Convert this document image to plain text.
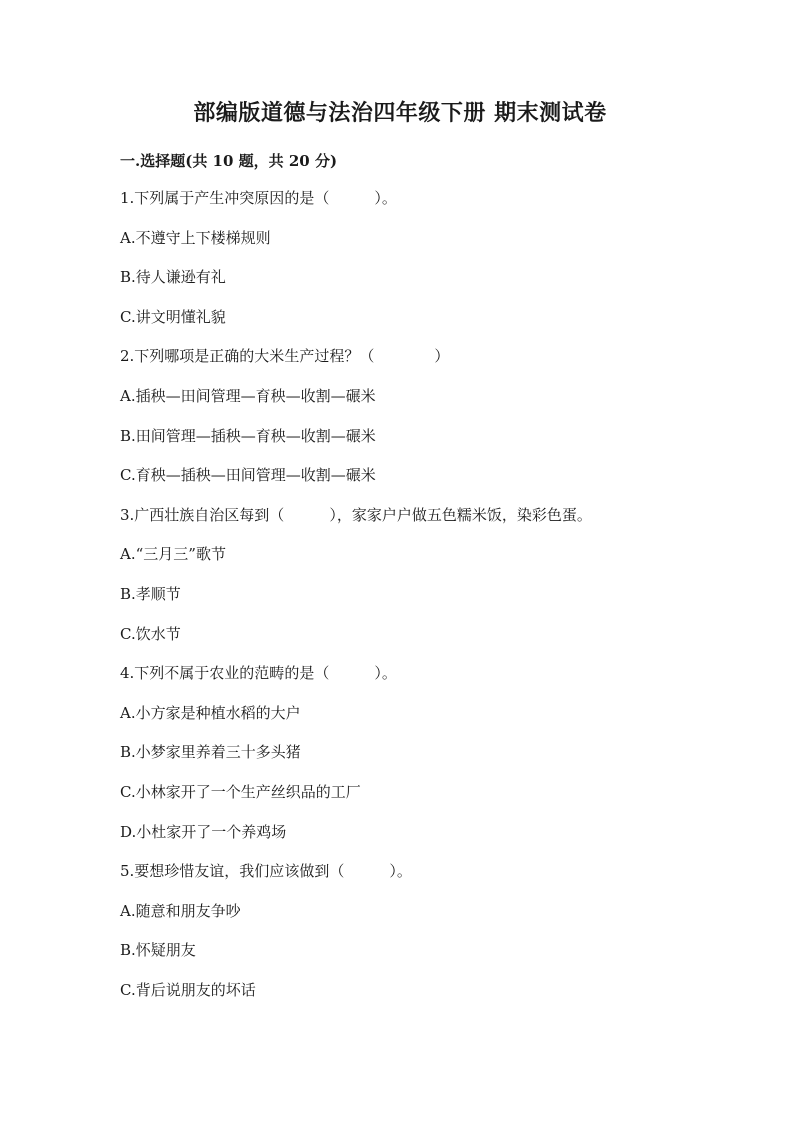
部编版道德与法治四年级下册 期末测试卷
一.选择题(共 10 题，共 20 分)
1.下列属于产生冲突原因的是（　　　）。
A.不遵守上下楼梯规则
B.待人谦逊有礼
C.讲文明懂礼貌
2.下列哪项是正确的大米生产过程？（　　　　）
A.插秧—田间管理—育秧—收割—碾米
B.田间管理—插秧—育秧—收割—碾米
C.育秧—插秧—田间管理—收割—碾米
3.广西壮族自治区每到（　　　），家家户户做五色糯米饭，染彩色蛋。
A.“三月三”歌节
B.孝顺节
C.饮水节
4.下列不属于农业的范畴的是（　　　）。
A.小方家是种植水稻的大户
B.小梦家里养着三十多头猪
C.小林家开了一个生产丝织品的工厂
D.小杜家开了一个养鸡场
5.要想珍惜友谊，我们应该做到（　　　）。
A.随意和朋友争吵
B.怀疑朋友
C.背后说朋友的坏话
